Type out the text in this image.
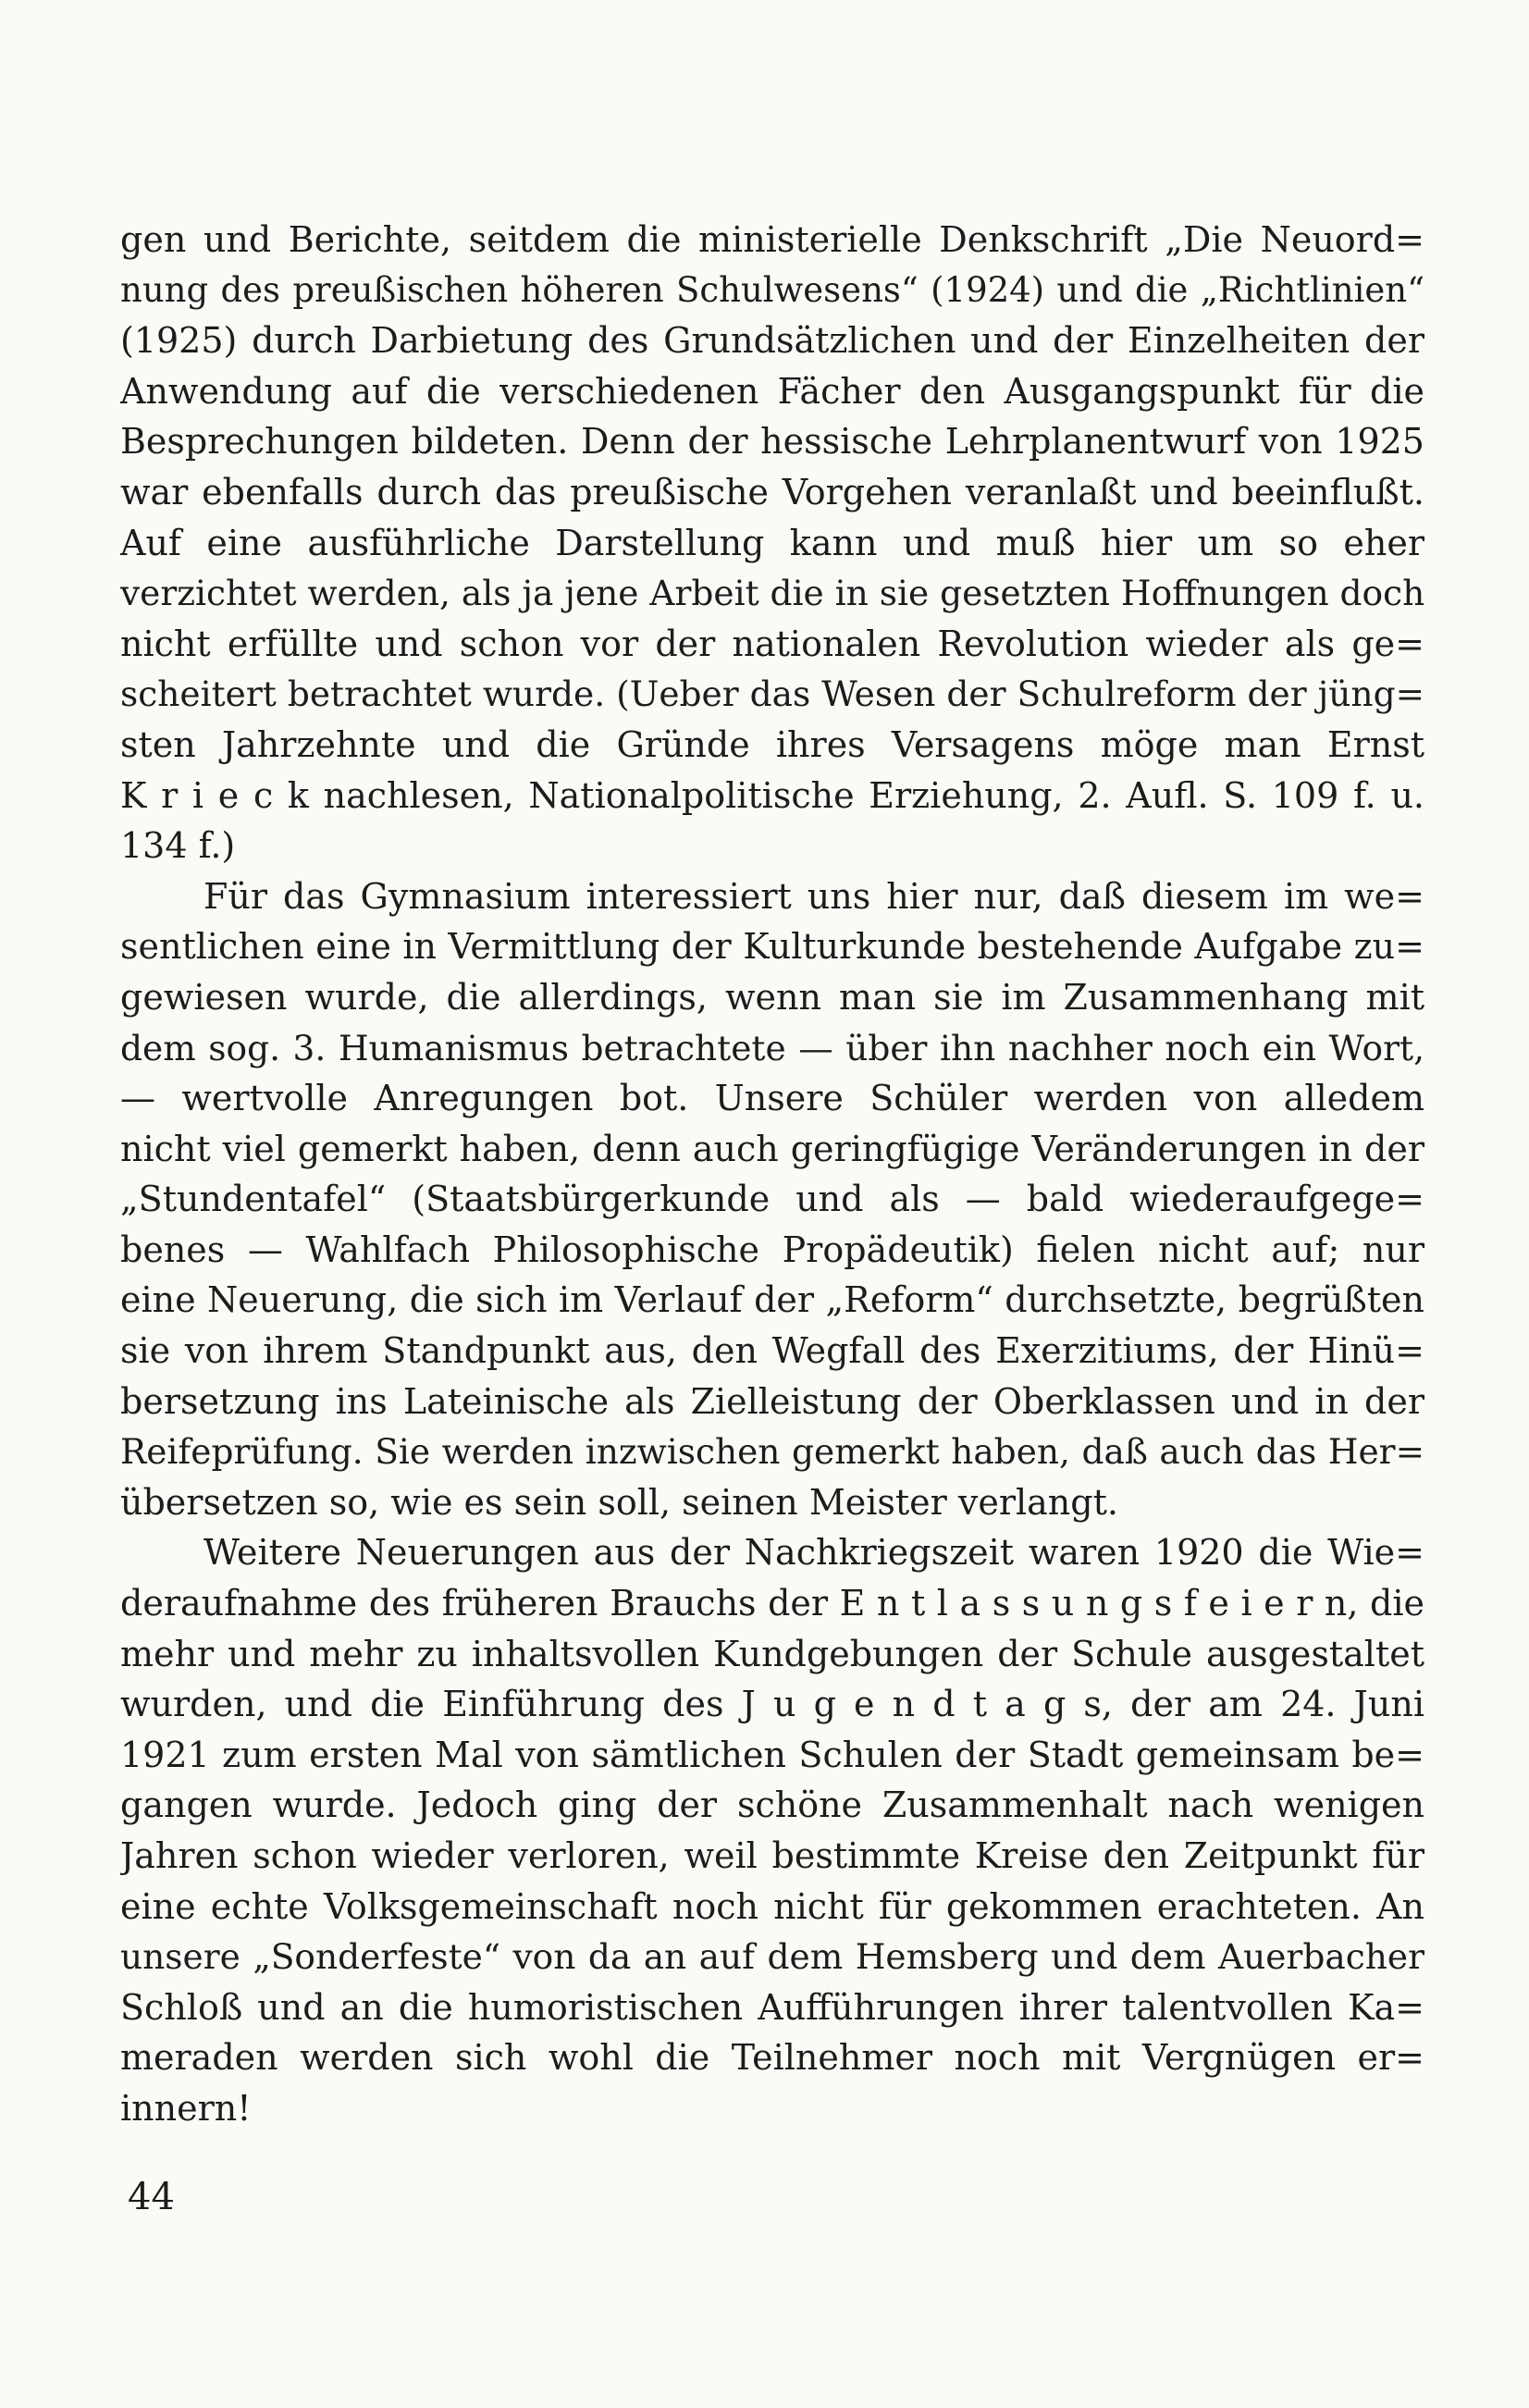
gen und Berichte, seitdem die ministerielle Denkschrift „Die Neuord=
nung des preußischen höheren Schulwesens“ (1924) und die „Richtlinien“
(1925) durch Darbietung des Grundsätzlichen und der Einzelheiten der
Anwendung auf die verschiedenen Fächer den Ausgangspunkt für die
Besprechungen bildeten. Denn der hessische Lehrplanentwurf von 1925
war ebenfalls durch das preußische Vorgehen veranlaßt und beeinflußt.
Auf eine ausführliche Darstellung kann und muß hier um so eher
verzichtet werden, als ja jene Arbeit die in sie gesetzten Hoffnungen doch
nicht erfüllte und schon vor der nationalen Revolution wieder als ge=
scheitert betrachtet wurde. (Ueber das Wesen der Schulreform der jüng=
sten Jahrzehnte und die Gründe ihres Versagens möge man Ernst
K r i e c k nachlesen, Nationalpolitische Erziehung, 2. Aufl. S. 109 f. u.
134 f.)
Für das Gymnasium interessiert uns hier nur, daß diesem im we=
sentlichen eine in Vermittlung der Kulturkunde bestehende Aufgabe zu=
gewiesen wurde, die allerdings, wenn man sie im Zusammenhang mit
dem sog. 3. Humanismus betrachtete — über ihn nachher noch ein Wort,
— wertvolle Anregungen bot. Unsere Schüler werden von alledem
nicht viel gemerkt haben, denn auch geringfügige Veränderungen in der
„Stundentafel“ (Staatsbürgerkunde und als — bald wiederaufgege=
benes — Wahlfach Philosophische Propädeutik) fielen nicht auf; nur
eine Neuerung, die sich im Verlauf der „Reform“ durchsetzte, begrüßten
sie von ihrem Standpunkt aus, den Wegfall des Exerzitiums, der Hinü=
bersetzung ins Lateinische als Zielleistung der Oberklassen und in der
Reifeprüfung. Sie werden inzwischen gemerkt haben, daß auch das Her=
übersetzen so, wie es sein soll, seinen Meister verlangt.
Weitere Neuerungen aus der Nachkriegszeit waren 1920 die Wie=
deraufnahme des früheren Brauchs der E n t l a s s u n g s f e i e r n, die
mehr und mehr zu inhaltsvollen Kundgebungen der Schule ausgestaltet
wurden, und die Einführung des J u g e n d t a g s, der am 24. Juni
1921 zum ersten Mal von sämtlichen Schulen der Stadt gemeinsam be=
gangen wurde. Jedoch ging der schöne Zusammenhalt nach wenigen
Jahren schon wieder verloren, weil bestimmte Kreise den Zeitpunkt für
eine echte Volksgemeinschaft noch nicht für gekommen erachteten. An
unsere „Sonderfeste“ von da an auf dem Hemsberg und dem Auerbacher
Schloß und an die humoristischen Aufführungen ihrer talentvollen Ka=
meraden werden sich wohl die Teilnehmer noch mit Vergnügen er=
innern!
44
